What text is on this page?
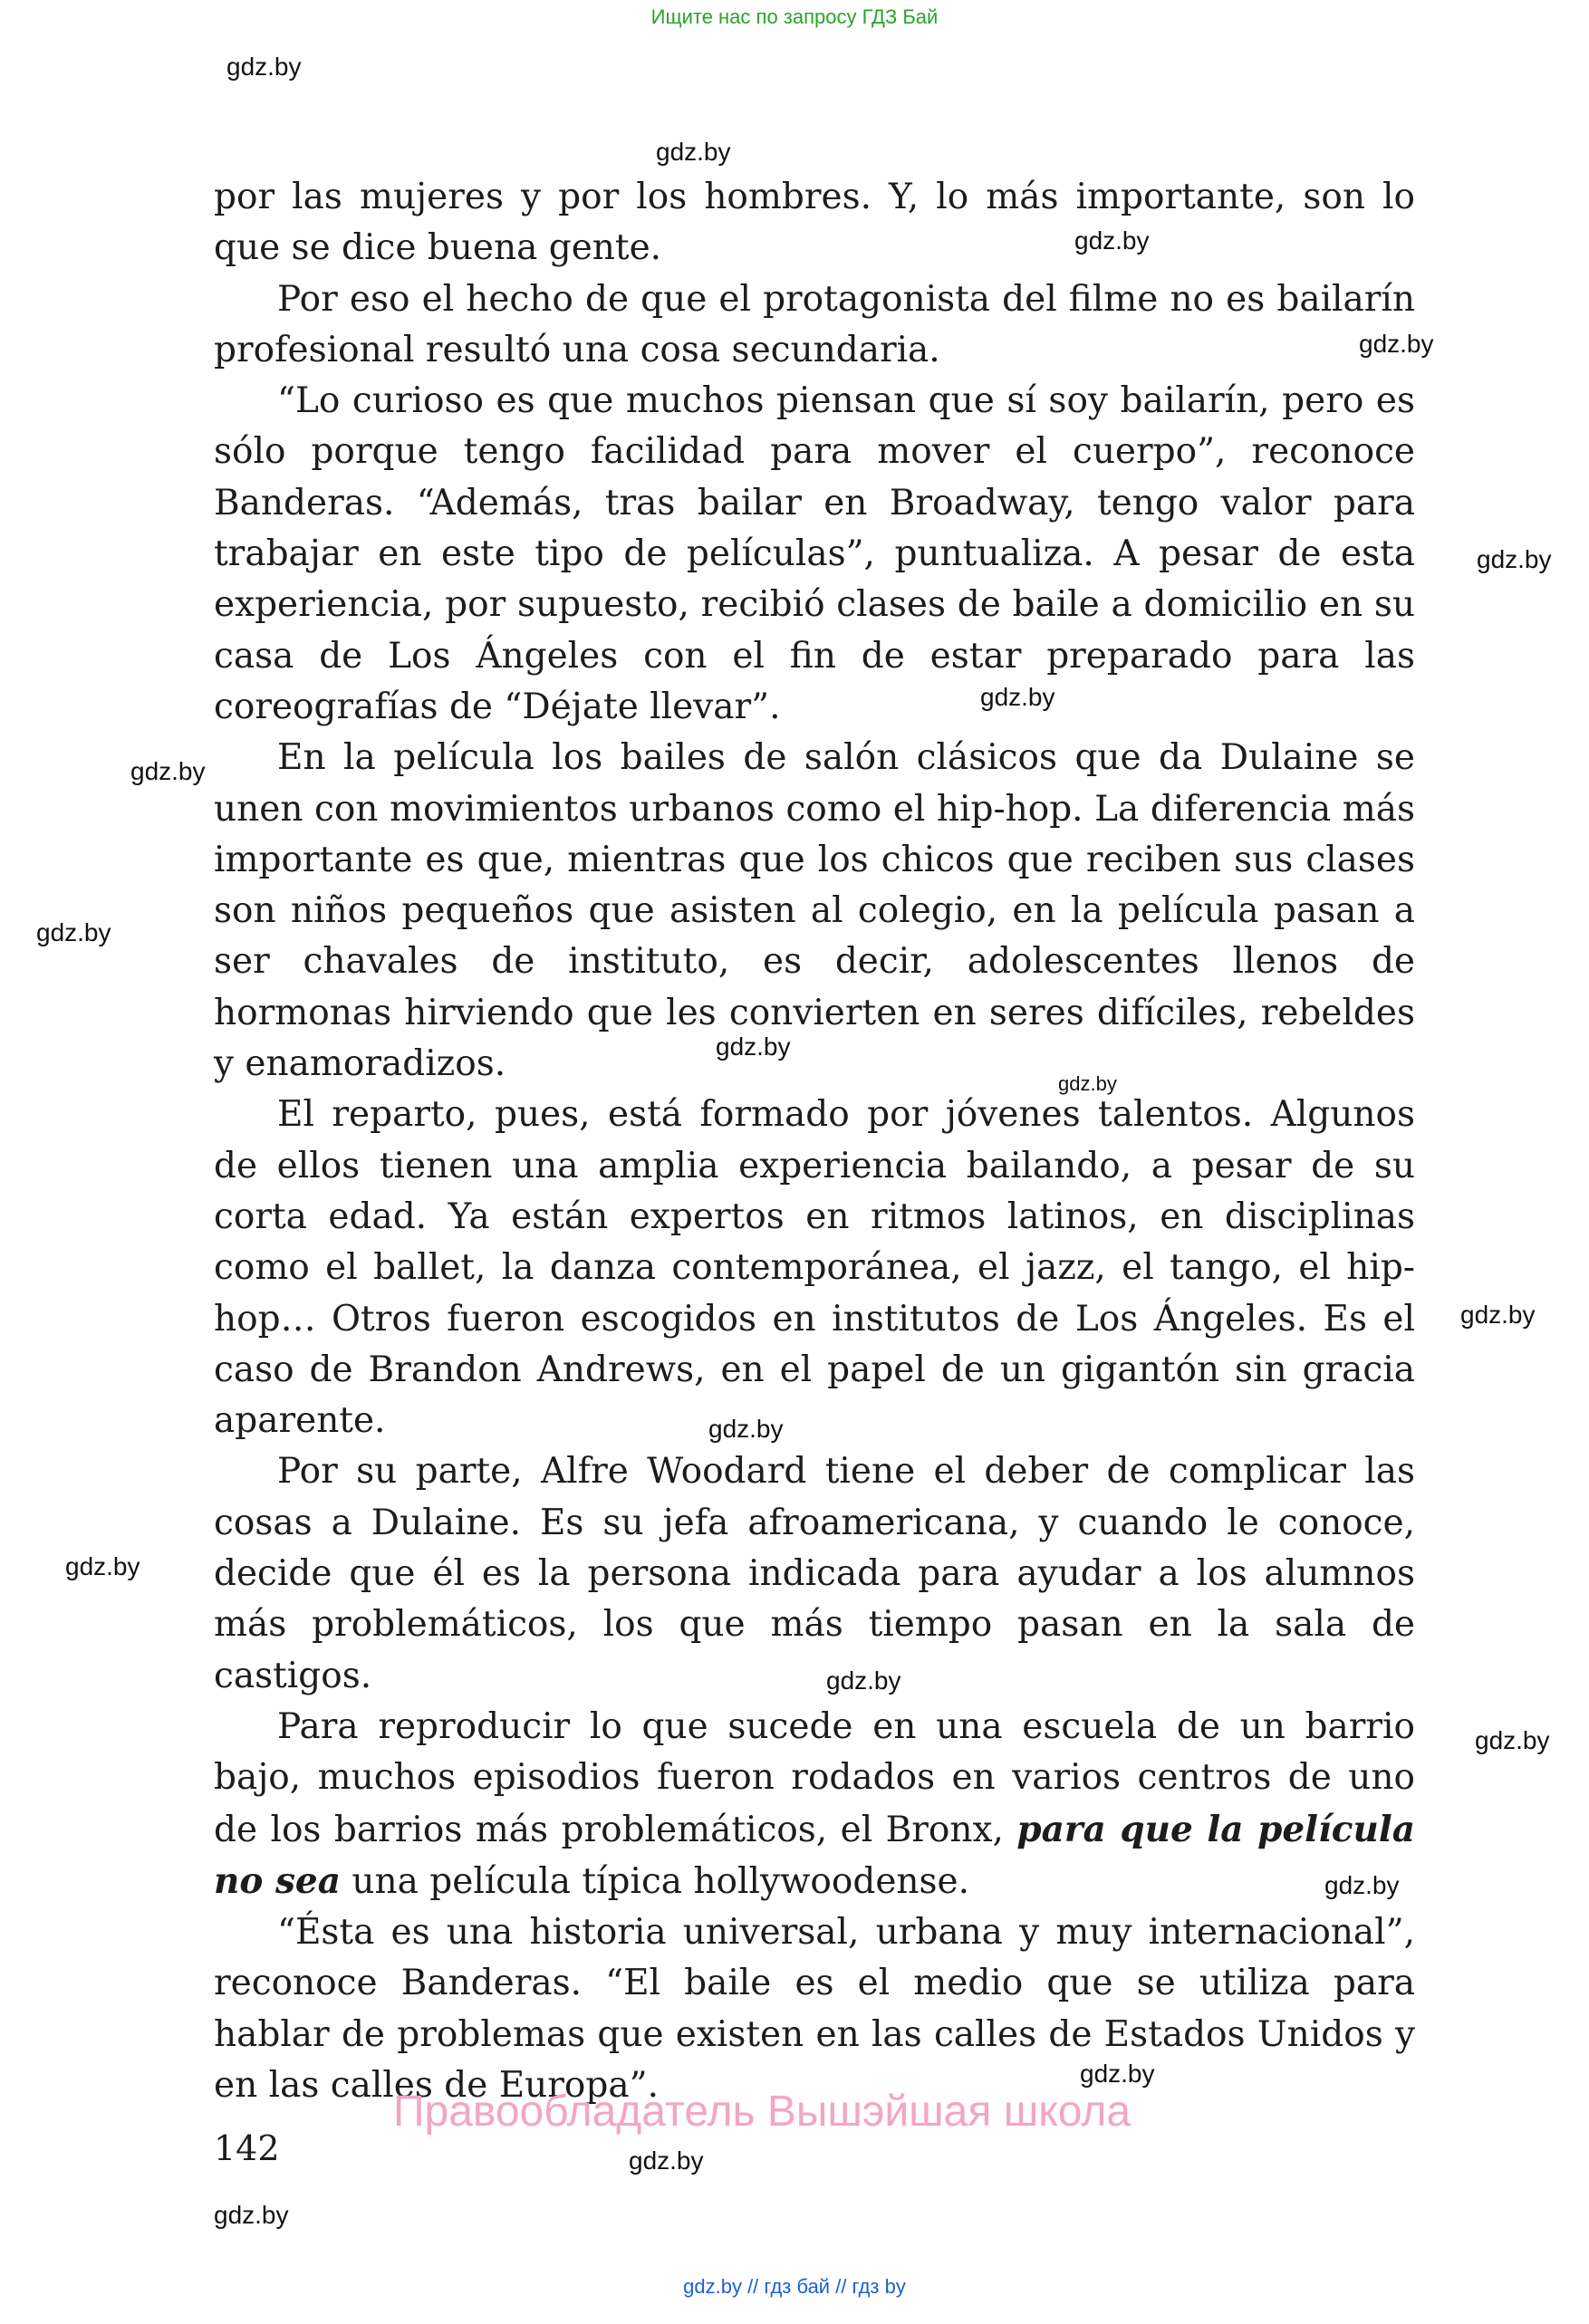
Ищите нас по запросу ГДЗ Бай
gdz.by
gdz.by
gdz.by
gdz.by
gdz.by
gdz.by
gdz.by
gdz.by
gdz.by
gdz.by
gdz.by
gdz.by
gdz.by
gdz.by
gdz.by
gdz.by
gdz.by
gdz.by
gdz.by

por las mujeres y por los hombres. Y, lo más importante, son lo que se dice buena gente.

Por eso el hecho de que el protagonista del filme no es bailarín profesional resultó una cosa secundaria.

“Lo curioso es que muchos piensan que sí soy bailarín, pero es sólo porque tengo facilidad para mover el cuerpo”, reconoce Banderas. “Además, tras bailar en Broadway, tengo valor para trabajar en este tipo de películas”, puntualiza. A pesar de esta experiencia, por supuesto, recibió clases de baile a domicilio en su casa de Los Ángeles con el fin de estar preparado para las coreografías de “Déjate llevar”.

En la película los bailes de salón clásicos que da Dulaine se unen con movimientos urbanos como el hip-hop. La diferencia más importante es que, mientras que los chicos que reciben sus clases son niños pequeños que asisten al colegio, en la película pasan a ser chavales de instituto, es decir, adolescentes llenos de hormonas hirviendo que les convierten en seres difíciles, rebeldes y enamoradizos.

El reparto, pues, está formado por jóvenes talentos. Algunos de ellos tienen una amplia experiencia bailando, a pesar de su corta edad. Ya están expertos en ritmos latinos, en disciplinas como el ballet, la danza contemporánea, el jazz, el tango, el hip-hop… Otros fueron escogidos en institutos de Los Ángeles. Es el caso de Brandon Andrews, en el papel de un gigantón sin gracia aparente.

Por su parte, Alfre Woodard tiene el deber de complicar las cosas a Dulaine. Es su jefa afroamericana, y cuando le conoce, decide que él es la persona indicada para ayudar a los alumnos más problemáticos, los que más tiempo pasan en la sala de castigos.

Para reproducir lo que sucede en una escuela de un barrio bajo, muchos episodios fueron rodados en varios centros de uno de los barrios más problemáticos, el Bronx, para que la película no sea una película típica hollywoodense.

“Ésta es una historia universal, urbana y muy internacional”, reconoce Banderas. “El baile es el medio que se utiliza para hablar de problemas que existen en las calles de Estados Unidos y en las calles de Europa”.

Правообладатель Вышэйшая школа
142
gdz.by // гдз бай // гдз by
